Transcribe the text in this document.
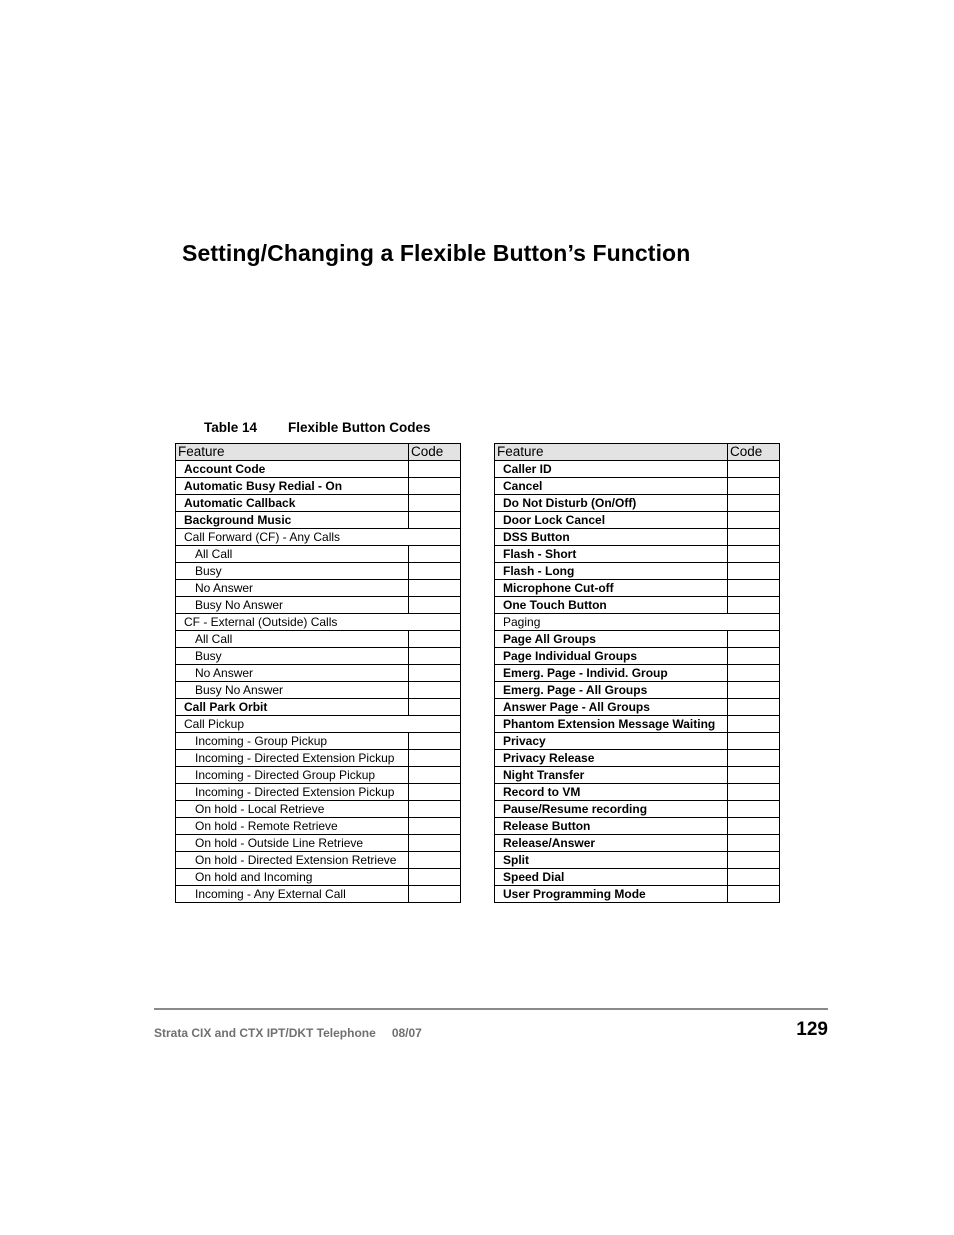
Setting/Changing a Flexible Button’s Function
Table 14 Flexible Button Codes
Feature	Code
Account Code	
Automatic Busy Redial - On	
Automatic Callback	
Background Music	
Call Forward (CF) - Any Calls	
All Call	
Busy	
No Answer	
Busy No Answer	
CF - External (Outside) Calls	
All Call	
Busy	
No Answer	
Busy No Answer	
Call Park Orbit	
Call Pickup	
Incoming - Group Pickup	
Incoming - Directed Extension Pickup	
Incoming - Directed Group Pickup	
Incoming - Directed Extension Pickup	
On hold - Local Retrieve	
On hold - Remote Retrieve	
On hold - Outside Line Retrieve	
On hold - Directed Extension Retrieve	
On hold and Incoming	
Incoming - Any External Call	
Feature	Code
Caller ID	
Cancel	
Do Not Disturb (On/Off)	
Door Lock Cancel	
DSS Button	
Flash - Short	
Flash - Long	
Microphone Cut-off	
One Touch Button	
Paging	
Page All Groups	
Page Individual Groups	
Emerg. Page - Individ. Group	
Emerg. Page - All Groups	
Answer Page - All Groups	
Phantom Extension Message Waiting	
Privacy	
Privacy Release	
Night Transfer	
Record to VM	
Pause/Resume recording	
Release Button	
Release/Answer	
Split	
Speed Dial	
User Programming Mode	
Strata CIX and CTX IPT/DKT Telephone 08/07	129
